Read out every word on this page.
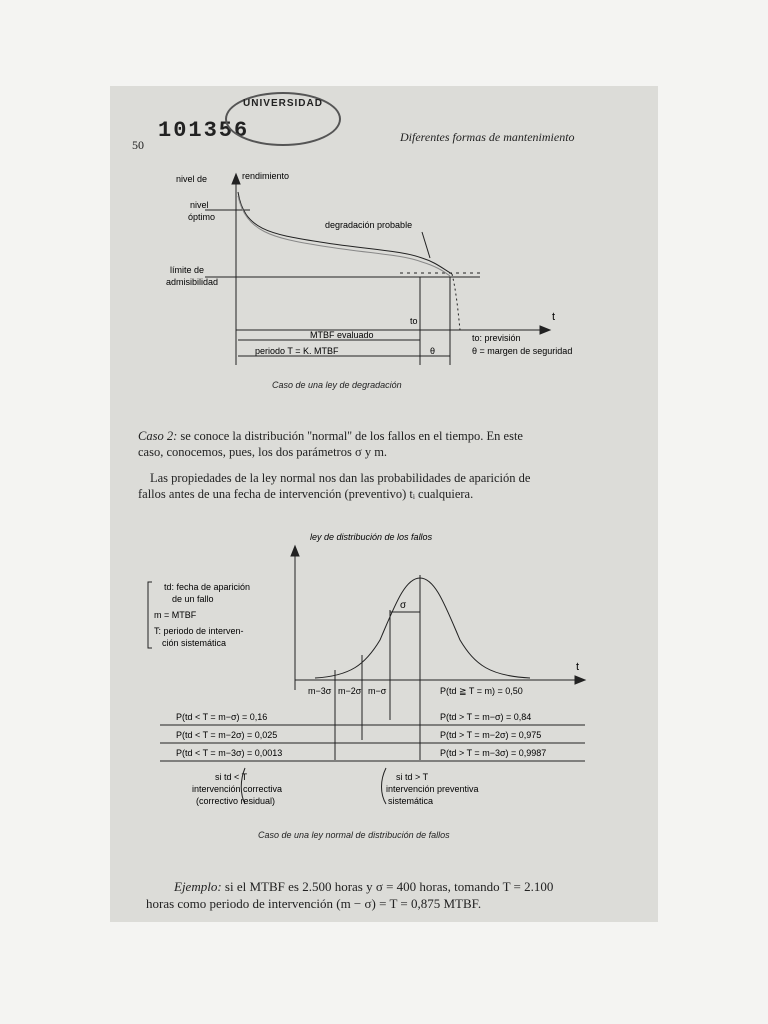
50
101356
UNIVERSIDAD
Diferentes formas de mantenimiento
nivel de	rendimiento
t
nivel
óptimo
degradación probable
límite de
admisibilidad
to
MTBF evaluado
periodo T = K. MTBF	θ
to: previsión
θ = margen de seguridad
Caso de una ley de degradación
Caso 2: se conoce la distribución ''normal'' de los fallos en el tiempo. En este
caso, conocemos, pues, los dos parámetros σ y m.
Las propiedades de la ley normal nos dan las probabilidades de aparición de
fallos antes de una fecha de intervención (preventivo) tᵢ cualquiera.
ley de distribución de los fallos
td: fecha de aparición
de un fallo
m = MTBF
T: periodo de interven-
ción sistemática
t
σ
m−3σ m−2σ m−σ
P(td < T = m−σ) = 0,16
P(td < T = m−2σ) = 0,025
P(td < T = m−3σ) = 0,0013
P(td ≧ T = m) = 0,50
P(td > T = m−σ) = 0,84
P(td > T = m−2σ) = 0,975
P(td > T = m−3σ) = 0,9987
si td < T
intervención correctiva
(correctivo residual)
si td > T
intervención preventiva
sistemática
Caso de una ley normal de distribución de fallos
Ejemplo: si el MTBF es 2.500 horas y σ = 400 horas, tomando T = 2.100
horas como periodo de intervención (m − σ) = T = 0,875 MTBF.
